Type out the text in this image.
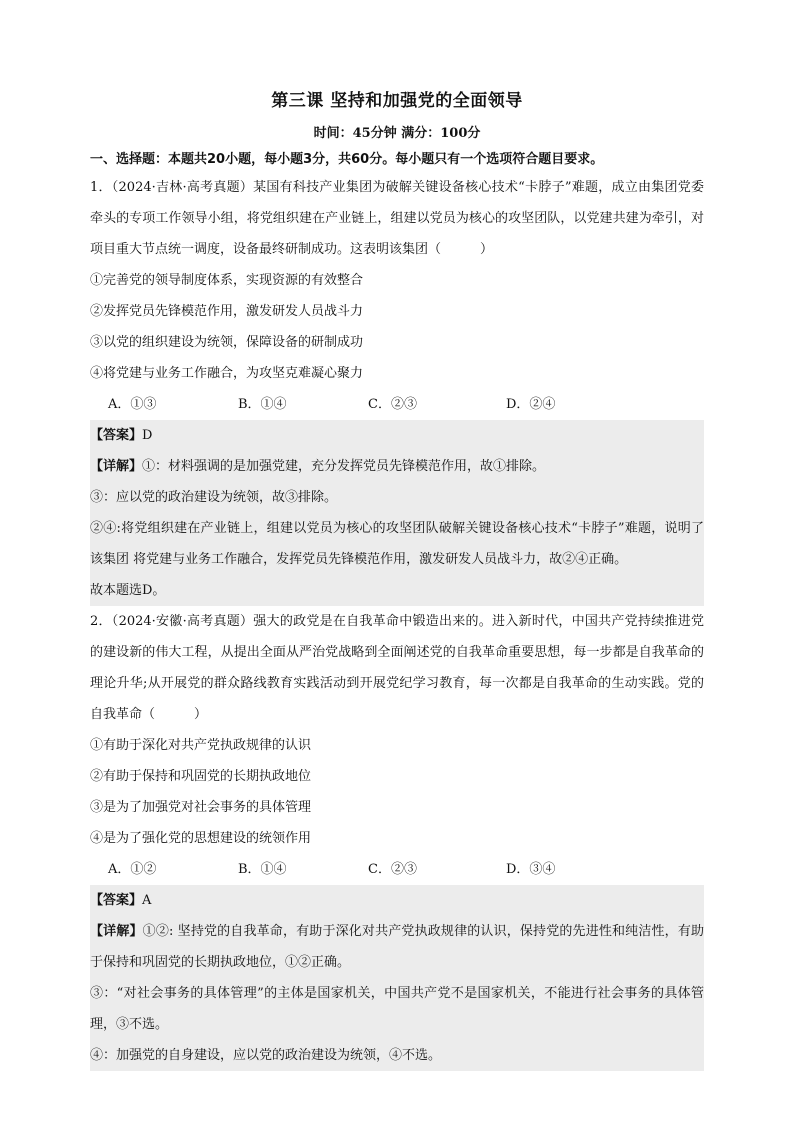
第三课 坚持和加强党的全面领导
时间：45分钟 满分：100分
一、选择题：本题共20小题，每小题3分，共60分。每小题只有一个选项符合题目要求。

1．（2024·吉林·高考真题）某国有科技产业集团为破解关键设备核心技术“卡脖子”难题，成立由集团党委牵头的专项工作领导小组，将党组织建在产业链上，组建以党员为核心的攻坚团队，以党建共建为牵引，对项目重大节点统一调度，设备最终研制成功。这表明该集团（　　　）

①完善党的领导制度体系，实现资源的有效整合

②发挥党员先锋模范作用，激发研发人员战斗力

③以党的组织建设为统领，保障设备的研制成功

④将党建与业务工作融合，为攻坚克难凝心聚力

A．①③	B．①④	C．②③	D．②④

【答案】D

【详解】①：材料强调的是加强党建，充分发挥党员先锋模范作用，故①排除。

③：应以党的政治建设为统领，故③排除。

②④:将党组织建在产业链上，组建以党员为核心的攻坚团队破解关键设备核心技术“卡脖子”难题，说明了该集团 将党建与业务工作融合，发挥党员先锋模范作用，激发研发人员战斗力，故②④正确。

故本题选D。

2．（2024·安徽·高考真题）强大的政党是在自我革命中锻造出来的。进入新时代，中国共产党持续推进党的建设新的伟大工程，从提出全面从严治党战略到全面阐述党的自我革命重要思想，每一步都是自我革命的理论升华;从开展党的群众路线教育实践活动到开展党纪学习教育，每一次都是自我革命的生动实践。党的自我革命（　　　）

①有助于深化对共产党执政规律的认识

②有助于保持和巩固党的长期执政地位

③是为了加强党对社会事务的具体管理

④是为了强化党的思想建设的统领作用

A．①②	B．①④	C．②③	D．③④

【答案】A

【详解】①②: 坚持党的自我革命，有助于深化对共产党执政规律的认识，保持党的先进性和纯洁性，有助于保持和巩固党的长期执政地位，①②正确。

③：“对社会事务的具体管理”的主体是国家机关，中国共产党不是国家机关，不能进行社会事务的具体管理，③不选。

④：加强党的自身建设，应以党的政治建设为统领，④不选。
